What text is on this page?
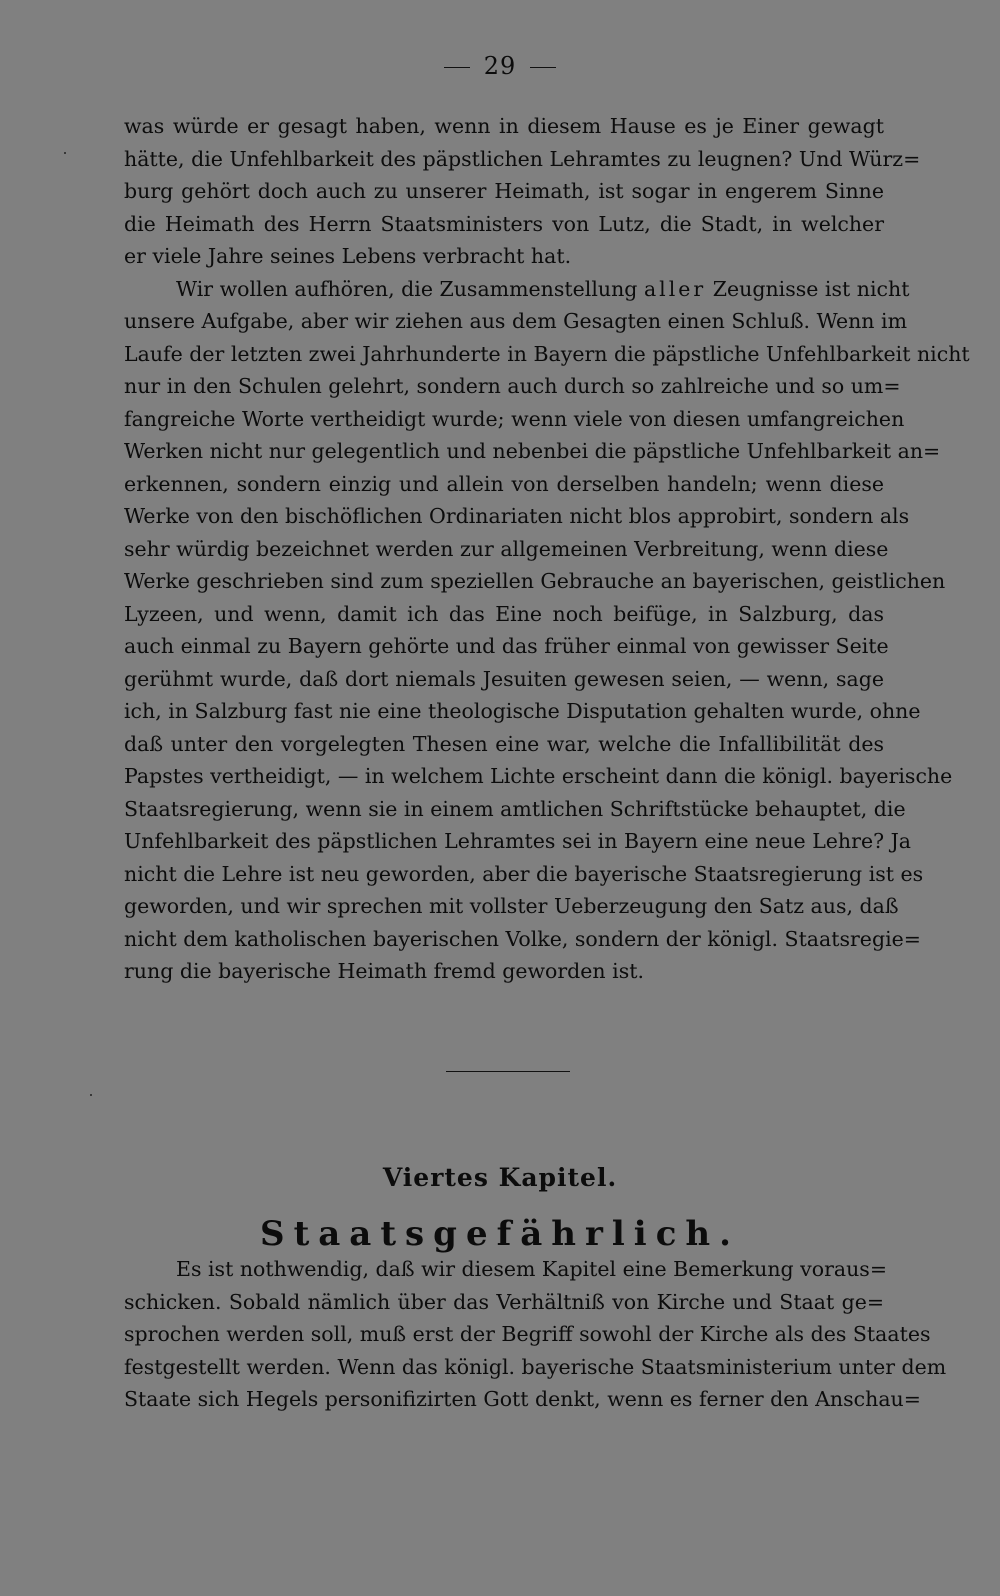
29
was würde er gesagt haben, wenn in diesem Hause es je Einer gewagt
hätte, die Unfehlbarkeit des päpstlichen Lehramtes zu leugnen? Und Würz=
burg gehört doch auch zu unserer Heimath, ist sogar in engerem Sinne
die Heimath des Herrn Staatsministers von Lutz, die Stadt, in welcher
er viele Jahre seines Lebens verbracht hat.
Wir wollen aufhören, die Zusammenstellung aller Zeugnisse ist nicht
unsere Aufgabe, aber wir ziehen aus dem Gesagten einen Schluß. Wenn im
Laufe der letzten zwei Jahrhunderte in Bayern die päpstliche Unfehlbarkeit nicht
nur in den Schulen gelehrt, sondern auch durch so zahlreiche und so um=
fangreiche Worte vertheidigt wurde; wenn viele von diesen umfangreichen
Werken nicht nur gelegentlich und nebenbei die päpstliche Unfehlbarkeit an=
erkennen, sondern einzig und allein von derselben handeln; wenn diese
Werke von den bischöflichen Ordinariaten nicht blos approbirt, sondern als
sehr würdig bezeichnet werden zur allgemeinen Verbreitung, wenn diese
Werke geschrieben sind zum speziellen Gebrauche an bayerischen, geistlichen
Lyzeen, und wenn, damit ich das Eine noch beifüge, in Salzburg, das
auch einmal zu Bayern gehörte und das früher einmal von gewisser Seite
gerühmt wurde, daß dort niemals Jesuiten gewesen seien, — wenn, sage
ich, in Salzburg fast nie eine theologische Disputation gehalten wurde, ohne
daß unter den vorgelegten Thesen eine war, welche die Infallibilität des
Papstes vertheidigt, — in welchem Lichte erscheint dann die königl. bayerische
Staatsregierung, wenn sie in einem amtlichen Schriftstücke behauptet, die
Unfehlbarkeit des päpstlichen Lehramtes sei in Bayern eine neue Lehre? Ja
nicht die Lehre ist neu geworden, aber die bayerische Staatsregierung ist es
geworden, und wir sprechen mit vollster Ueberzeugung den Satz aus, daß
nicht dem katholischen bayerischen Volke, sondern der königl. Staatsregie=
rung die bayerische Heimath fremd geworden ist.
Viertes Kapitel.
Staatsgefährlich.
Es ist nothwendig, daß wir diesem Kapitel eine Bemerkung voraus=
schicken. Sobald nämlich über das Verhältniß von Kirche und Staat ge=
sprochen werden soll, muß erst der Begriff sowohl der Kirche als des Staates
festgestellt werden. Wenn das königl. bayerische Staatsministerium unter dem
Staate sich Hegels personifizirten Gott denkt, wenn es ferner den Anschau=
